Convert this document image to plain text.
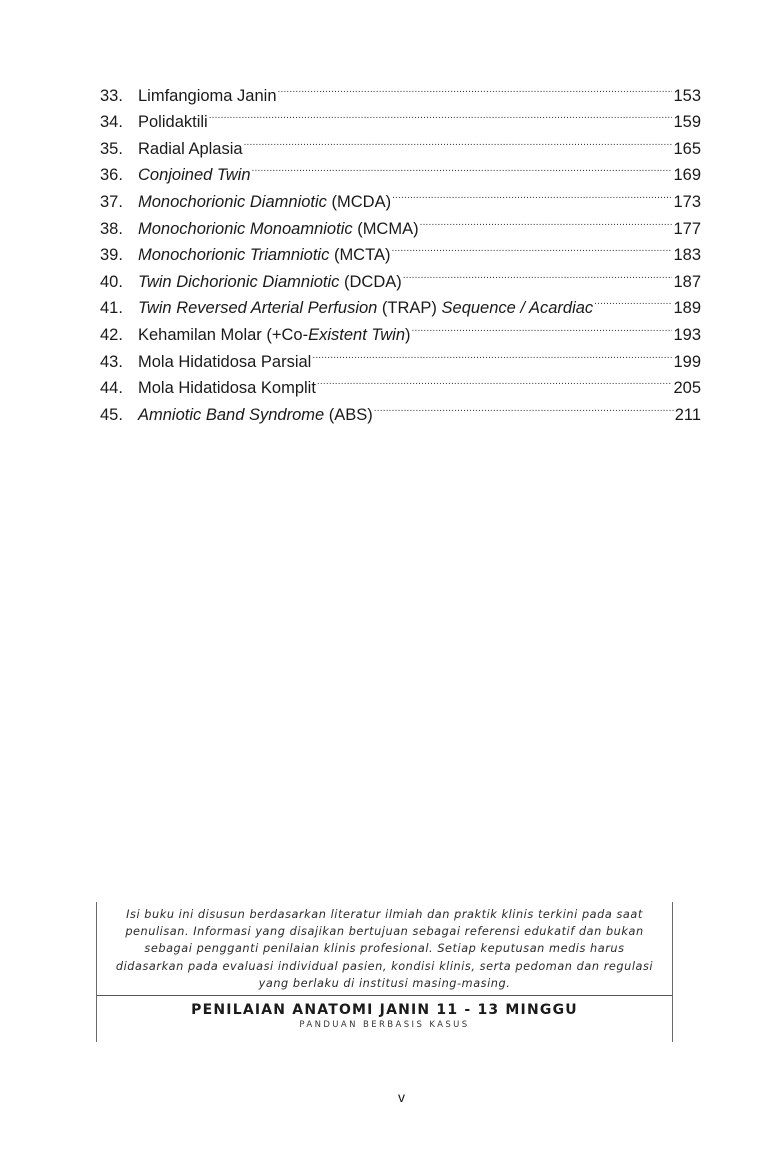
33. Limfangioma Janin .....	153
34. Polidaktili .....	159
35. Radial Aplasia .....	165
36. Conjoined Twin .....	169
37. Monochorionic Diamniotic (MCDA) .....	173
38. Monochorionic Monoamniotic (MCMA) .....	177
39. Monochorionic Triamniotic (MCTA) .....	183
40. Twin Dichorionic Diamniotic (DCDA) .....	187
41. Twin Reversed Arterial Perfusion (TRAP) Sequence / Acardiac .....	189
42. Kehamilan Molar (+Co-Existent Twin) .....	193
43. Mola Hidatidosa Parsial .....	199
44. Mola Hidatidosa Komplit .....	205
45. Amniotic Band Syndrome (ABS) .....	211
Isi buku ini disusun berdasarkan literatur ilmiah dan praktik klinis terkini pada saat
penulisan. Informasi yang disajikan bertujuan sebagai referensi edukatif dan bukan
sebagai pengganti penilaian klinis profesional. Setiap keputusan medis harus
didasarkan pada evaluasi individual pasien, kondisi klinis, serta pedoman dan regulasi
yang berlaku di institusi masing-masing.
PENILAIAN ANATOMI JANIN 11 - 13 MINGGU
PANDUAN BERBASIS KASUS
v
